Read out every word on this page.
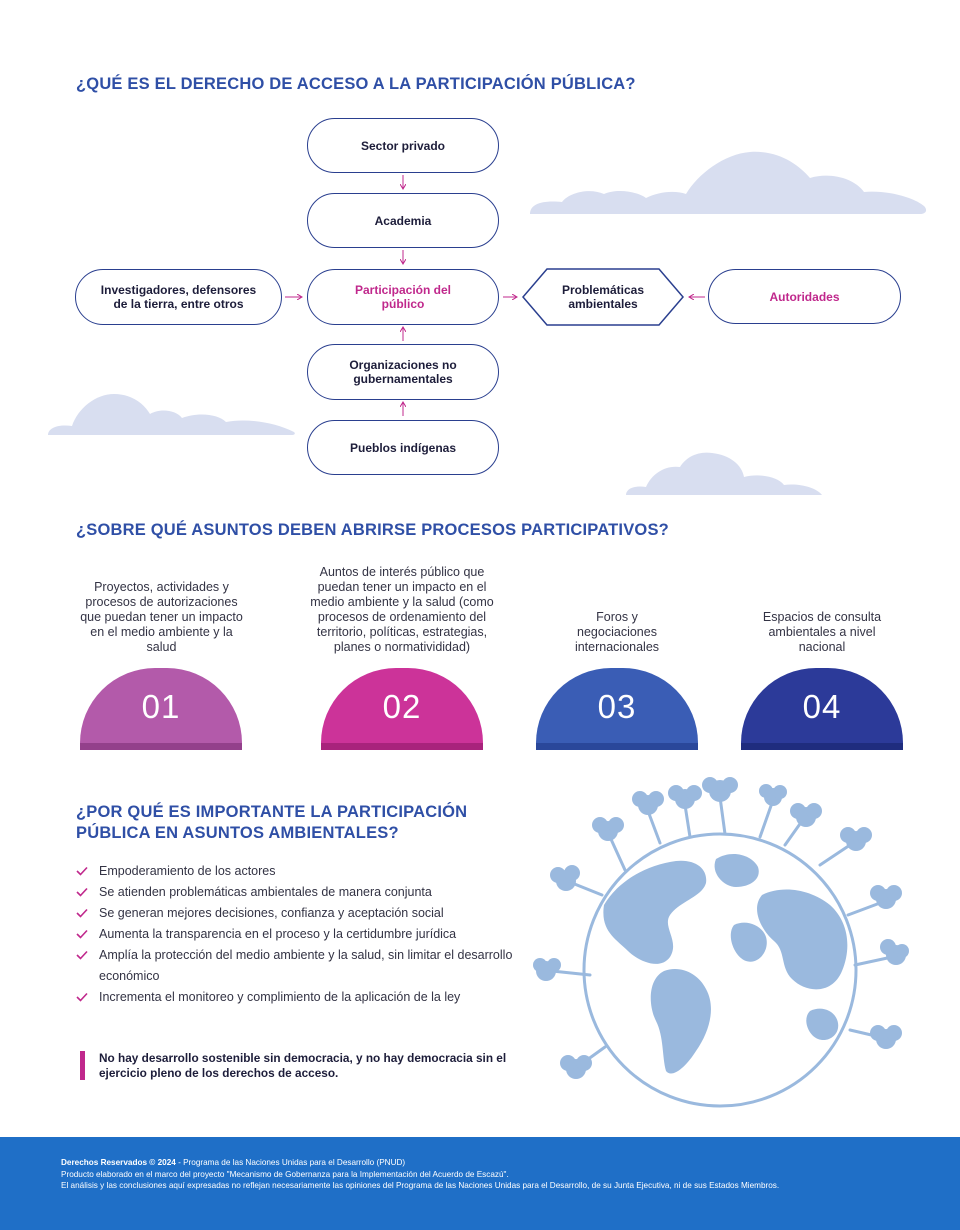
¿QUÉ ES EL DERECHO DE ACCESO A LA PARTICIPACIÓN PÚBLICA?
Sector privado
Academia
Participación del público
Investigadores, defensores de la tierra, entre otros
Problemáticas ambientales
Autoridades
Organizaciones no gubernamentales
Pueblos indígenas
¿SOBRE QUÉ ASUNTOS DEBEN ABRIRSE PROCESOS PARTICIPATIVOS?
Proyectos, actividades y procesos de autorizaciones que puedan tener un impacto en el medio ambiente y la salud
Auntos de interés público que puedan tener un impacto en el medio ambiente y la salud (como procesos de ordenamiento del territorio, políticas, estrategias, planes o normativididad)
Foros y negociaciones internacionales
Espacios de consulta ambientales a nivel nacional
01	02	03	04
¿POR QUÉ ES IMPORTANTE LA PARTICIPACIÓN
PÚBLICA EN ASUNTOS AMBIENTALES?
Empoderamiento de los actores
Se atienden problemáticas ambientales de manera conjunta
Se generan mejores decisiones, confianza y aceptación social
Aumenta la transparencia en el proceso y la certidumbre jurídica
Amplía la protección del medio ambiente y la salud, sin limitar el desarrollo económico
Incrementa el monitoreo y complimiento de la aplicación de la ley
No hay desarrollo sostenible sin democracia, y no hay democracia sin el ejercicio pleno de los derechos de acceso.

Derechos Reservados © 2024 - Programa de las Naciones Unidas para el Desarrollo (PNUD)

Producto elaborado en el marco del proyecto "Mecanismo de Gobernanza para la Implementación del Acuerdo de Escazú".

El análisis y las conclusiones aquí expresadas no reflejan necesariamente las opiniones del Programa de las Naciones Unidas para el Desarrollo, de su Junta Ejecutiva, ni de sus Estados Miembros.
